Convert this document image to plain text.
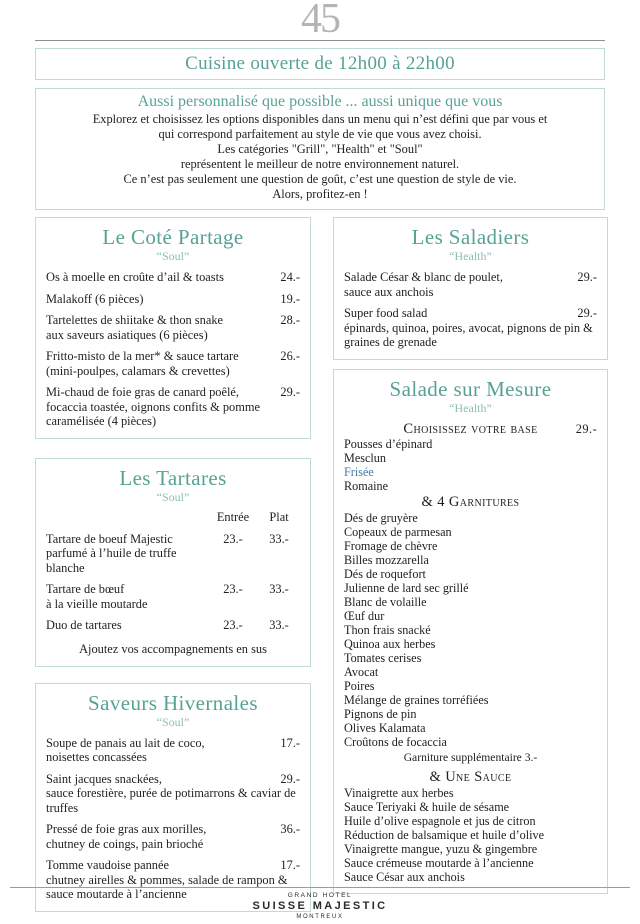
45
Cuisine ouverte de 12h00 à 22h00
Aussi personnalisé que possible ... aussi unique que vous
Explorez et choisissez les options disponibles dans un menu qui n’est défini que par vous et
qui correspond parfaitement au style de vie que vous avez choisi.
Les catégories "Grill", "Health" et "Soul"
représentent le meilleur de notre environnement naturel.
Ce n’est pas seulement une question de goût, c’est une question de style de vie.
Alors, profitez-en !
Le Coté Partage
“Soul”
Os à moelle en croûte d’ail & toasts	24.-
Malakoff (6 pièces)	19.-
Tartelettes de shiitake & thon snake	28.-
aux saveurs asiatiques (6 pièces)
Fritto-misto de la mer* & sauce tartare	26.-
(mini-poulpes, calamars & crevettes)
Mi-chaud de foie gras de canard poêlé,	29.-
focaccia toastée, oignons confits & pomme caramélisée (4 pièces)
Les Tartares
“Soul”
Entrée	Plat
Tartare de boeuf Majestic
parfumé à l’huile de truffe blanche
23.-	33.-
Tartare de bœuf
à la vieille moutarde
23.-	33.-
Duo de tartares	23.-	33.-
Ajoutez vos accompagnements en sus
Saveurs Hivernales
“Soul”
Soupe de panais au lait de coco,	17.-
noisettes concassées
Saint jacques snackées,	29.-
sauce forestière, purée de potimarrons & caviar de truffes
Pressé de foie gras aux morilles,	36.-
chutney de coings, pain brioché
Tomme vaudoise pannée	17.-
chutney airelles & pommes, salade de rampon & sauce moutarde à l’ancienne
Les Saladiers
“Health”
Salade César & blanc de poulet,	29.-
sauce aux anchois
Super food salad	29.-
épinards, quinoa, poires, avocat, pignons de pin & graines de grenade
Salade sur Mesure
“Health”
Choisissez votre base	29.-
Pousses d’épinard
Mesclun
Frisée
Romaine
& 4 Garnitures
Dés de gruyère
Copeaux de parmesan
Fromage de chèvre
Billes mozzarella
Dés de roquefort
Julienne de lard sec grillé
Blanc de volaille
Œuf dur
Thon frais snacké
Quinoa aux herbes
Tomates cerises
Avocat
Poires
Mélange de graines torréfiées
Pignons de pin
Olives Kalamata
Croûtons de focaccia
Garniture supplémentaire 3.-
& Une Sauce
Vinaigrette aux herbes
Sauce Teriyaki & huile de sésame
Huile d’olive espagnole et jus de citron
Réduction de balsamique et huile d’olive
Vinaigrette mangue, yuzu & gingembre
Sauce crémeuse moutarde à l’ancienne
Sauce César aux anchois
GRAND HOTEL
SUISSE MAJESTIC
MONTREUX
